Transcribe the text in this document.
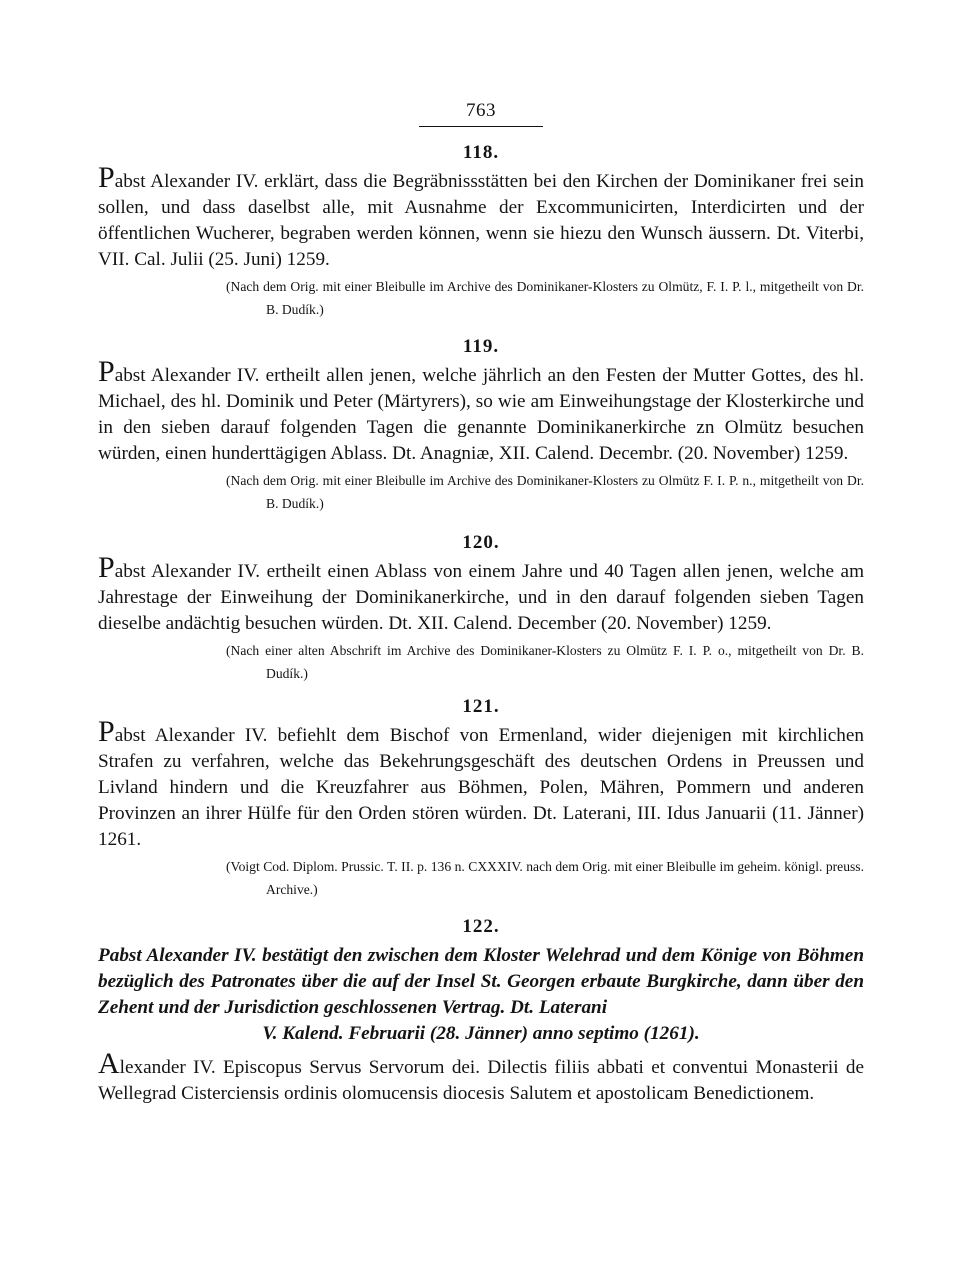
763
118.

Pabst Alexander IV. erklärt, dass die Begräbnissstätten bei den Kirchen der Dominikaner frei sein sollen, und dass daselbst alle, mit Ausnahme der Excommunicirten, Interdicirten und der öffentlichen Wucherer, begraben werden können, wenn sie hiezu den Wunsch äussern. Dt. Viterbi, VII. Cal. Julii (25. Juni) 1259.

(Nach dem Orig. mit einer Bleibulle im Archive des Dominikaner-Klosters zu Olmütz, F. I. P. l., mitgetheilt von Dr. B. Dudík.)

119.

Pabst Alexander IV. ertheilt allen jenen, welche jährlich an den Festen der Mutter Gottes, des hl. Michael, des hl. Dominik und Peter (Märtyrers), so wie am Einweihungstage der Klosterkirche und in den sieben darauf folgenden Tagen die genannte Dominikanerkirche zn Olmütz besuchen würden, einen hunderttägigen Ablass. Dt. Anagniæ, XII. Calend. Decembr. (20. November) 1259.

(Nach dem Orig. mit einer Bleibulle im Archive des Dominikaner-Klosters zu Olmütz F. I. P. n., mitgetheilt von Dr. B. Dudík.)

120.

Pabst Alexander IV. ertheilt einen Ablass von einem Jahre und 40 Tagen allen jenen, welche am Jahrestage der Einweihung der Dominikanerkirche, und in den darauf folgenden sieben Tagen dieselbe andächtig besuchen würden. Dt. XII. Calend. December (20. November) 1259.

(Nach einer alten Abschrift im Archive des Dominikaner-Klosters zu Olmütz F. I. P. o., mitgetheilt von Dr. B. Dudík.)

121.

Pabst Alexander IV. befiehlt dem Bischof von Ermenland, wider diejenigen mit kirchlichen Strafen zu verfahren, welche das Bekehrungsgeschäft des deutschen Ordens in Preussen und Livland hindern und die Kreuzfahrer aus Böhmen, Polen, Mähren, Pommern und anderen Provinzen an ihrer Hülfe für den Orden stören würden. Dt. Laterani, III. Idus Januarii (11. Jänner) 1261.

(Voigt Cod. Diplom. Prussic. T. II. p. 136 n. CXXXIV. nach dem Orig. mit einer Bleibulle im geheim. königl. preuss. Archive.)

122.

Pabst Alexander IV. bestätigt den zwischen dem Kloster Welehrad und dem Könige von Böhmen bezüglich des Patronates über die auf der Insel St. Georgen erbaute Burgkirche, dann über den Zehent und der Jurisdiction geschlossenen Vertrag. Dt. Laterani
V. Kalend. Februarii (28. Jänner) anno septimo (1261).

Alexander IV. Episcopus Servus Servorum dei. Dilectis filiis abbati et conventui Monasterii de Wellegrad Cisterciensis ordinis olomucensis diocesis Salutem et apostolicam Benedictionem.
